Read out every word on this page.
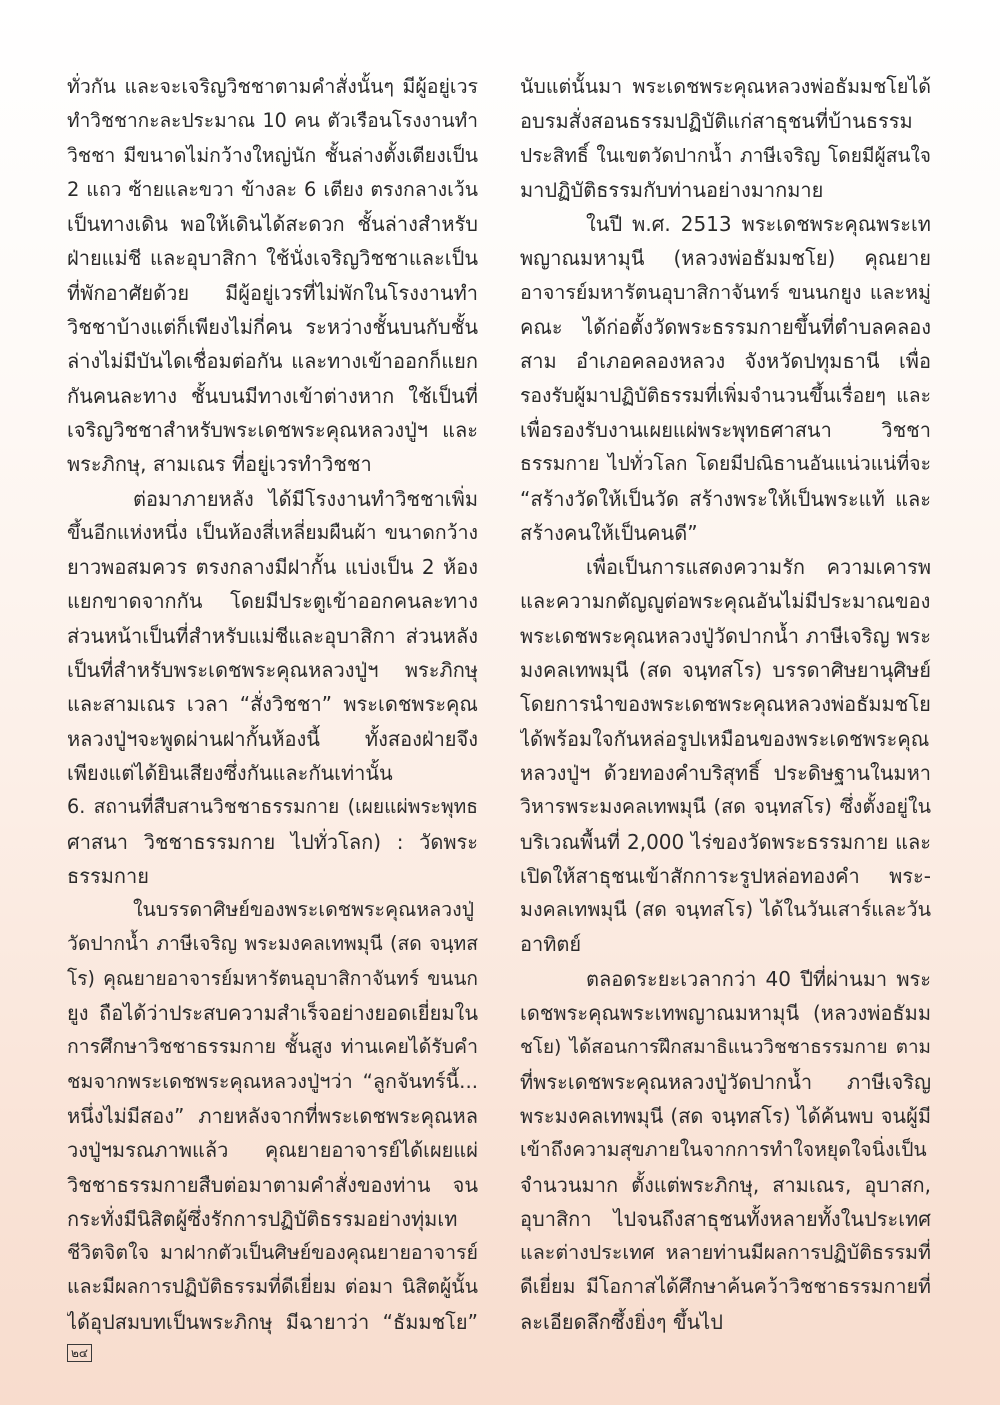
ทั่วกัน และจะเจริญวิชชาตามคำสั่งนั้นๆ มีผู้อยู่เวร
ทำวิชชากะละประมาณ 10 คน ตัวเรือนโรงงานทำ
วิชชา มีขนาดไม่กว้างใหญ่นัก ชั้นล่างตั้งเตียงเป็น
2 แถว ซ้ายและขวา ข้างละ 6 เตียง ตรงกลางเว้น
เป็นทางเดิน พอให้เดินได้สะดวก ชั้นล่างสำหรับ
ฝ่ายแม่ชี และอุบาสิกา ใช้นั่งเจริญวิชชาและเป็น
ที่พักอาศัยด้วย มีผู้อยู่เวรที่ไม่พักในโรงงานทำ
วิชชาบ้างแต่ก็เพียงไม่กี่คน ระหว่างชั้นบนกับชั้น
ล่างไม่มีบันไดเชื่อมต่อกัน และทางเข้าออกก็แยก
กันคนละทาง ชั้นบนมีทางเข้าต่างหาก ใช้เป็นที่
เจริญวิชชาสำหรับพระเดชพระคุณหลวงปู่ฯ และ
พระภิกษุ, สามเณร ที่อยู่เวรทำวิชชา
ต่อมาภายหลัง ได้มีโรงงานทำวิชชาเพิ่ม
ขึ้นอีกแห่งหนึ่ง เป็นห้องสี่เหลี่ยมผืนผ้า ขนาดกว้าง
ยาวพอสมควร ตรงกลางมีฝากั้น แบ่งเป็น 2 ห้อง
แยกขาดจากกัน โดยมีประตูเข้าออกคนละทาง
ส่วนหน้าเป็นที่สำหรับแม่ชีและอุบาสิกา ส่วนหลัง
เป็นที่สำหรับพระเดชพระคุณหลวงปู่ฯ พระภิกษุ
และสามเณร เวลา “สั่งวิชชา” พระเดชพระคุณ
หลวงปู่ฯจะพูดผ่านฝากั้นห้องนี้ ทั้งสองฝ่ายจึง
เพียงแต่ได้ยินเสียงซึ่งกันและกันเท่านั้น
6. สถานที่สืบสานวิชชาธรรมกาย (เผยแผ่พระพุทธ
ศาสนา วิชชาธรรมกาย ไปทั่วโลก) : วัดพระ
ธรรมกาย
ในบรรดาศิษย์ของพระเดชพระคุณหลวงปู่
วัดปากน้ำ ภาษีเจริญ พระมงคลเทพมุนี (สด จนฺทส
โร) คุณยายอาจารย์มหารัตนอุบาสิกาจันทร์ ขนนก
ยูง ถือได้ว่าประสบความสำเร็จอย่างยอดเยี่ยมใน
การศึกษาวิชชาธรรมกาย ชั้นสูง ท่านเคยได้รับคำ
ชมจากพระเดชพระคุณหลวงปู่ฯว่า “ลูกจันทร์นี้...
หนึ่งไม่มีสอง” ภายหลังจากที่พระเดชพระคุณหล
วงปู่ฯมรณภาพแล้ว คุณยายอาจารย์ได้เผยแผ่
วิชชาธรรมกายสืบต่อมาตามคำสั่งของท่าน จน
กระทั่งมีนิสิตผู้ซึ่งรักการปฏิบัติธรรมอย่างทุ่มเท
ชีวิตจิตใจ มาฝากตัวเป็นศิษย์ของคุณยายอาจารย์
และมีผลการปฏิบัติธรรมที่ดีเยี่ยม ต่อมา นิสิตผู้นั้น
ได้อุปสมบทเป็นพระภิกษุ มีฉายาว่า “ธัมมชโย”
นับแต่นั้นมา พระเดชพระคุณหลวงพ่อธัมมชโยได้
อบรมสั่งสอนธรรมปฏิบัติแก่สาธุชนที่บ้านธรรม
ประสิทธิ์ ในเขตวัดปากน้ำ ภาษีเจริญ โดยมีผู้สนใจ
มาปฏิบัติธรรมกับท่านอย่างมากมาย
ในปี พ.ศ. 2513 พระเดชพระคุณพระเท
พญาณมหามุนี (หลวงพ่อธัมมชโย) คุณยาย
อาจารย์มหารัตนอุบาสิกาจันทร์ ขนนกยูง และหมู่
คณะ ได้ก่อตั้งวัดพระธรรมกายขึ้นที่ตำบลคลอง
สาม อำเภอคลองหลวง จังหวัดปทุมธานี เพื่อ
รองรับผู้มาปฏิบัติธรรมที่เพิ่มจำนวนขึ้นเรื่อยๆ และ
เพื่อรองรับงานเผยแผ่พระพุทธศาสนา วิชชา
ธรรมกาย ไปทั่วโลก โดยมีปณิธานอันแน่วแน่ที่จะ
“สร้างวัดให้เป็นวัด สร้างพระให้เป็นพระแท้ และ
สร้างคนให้เป็นคนดี”
เพื่อเป็นการแสดงความรัก ความเคารพ
และความกตัญญูต่อพระคุณอันไม่มีประมาณของ
พระเดชพระคุณหลวงปู่วัดปากน้ำ ภาษีเจริญ พระ
มงคลเทพมุนี (สด จนฺทสโร) บรรดาศิษยานุศิษย์
โดยการนำของพระเดชพระคุณหลวงพ่อธัมมชโย
ได้พร้อมใจกันหล่อรูปเหมือนของพระเดชพระคุณ
หลวงปู่ฯ ด้วยทองคำบริสุทธิ์ ประดิษฐานในมหา
วิหารพระมงคลเทพมุนี (สด จนฺทสโร) ซึ่งตั้งอยู่ใน
บริเวณพื้นที่ 2,000 ไร่ของวัดพระธรรมกาย และ
เปิดให้สาธุชนเข้าสักการะรูปหล่อทองคำ พระ-
มงคลเทพมุนี (สด จนฺทสโร) ได้ในวันเสาร์และวัน
อาทิตย์
ตลอดระยะเวลากว่า 40 ปีที่ผ่านมา พระ
เดชพระคุณพระเทพญาณมหามุนี (หลวงพ่อธัมม
ชโย) ได้สอนการฝึกสมาธิแนววิชชาธรรมกาย ตาม
ที่พระเดชพระคุณหลวงปู่วัดปากน้ำ ภาษีเจริญ
พระมงคลเทพมุนี (สด จนฺทสโร) ได้ค้นพบ จนผู้มี
เข้าถึงความสุขภายในจากการทำใจหยุดใจนิ่งเป็น
จำนวนมาก ตั้งแต่พระภิกษุ, สามเณร, อุบาสก,
อุบาสิกา ไปจนถึงสาธุชนทั้งหลายทั้งในประเทศ
และต่างประเทศ หลายท่านมีผลการปฏิบัติธรรมที่
ดีเยี่ยม มีโอกาสได้ศึกษาค้นคว้าวิชชาธรรมกายที่
ละเอียดลึกซึ้งยิ่งๆ ขึ้นไป
๒๔
